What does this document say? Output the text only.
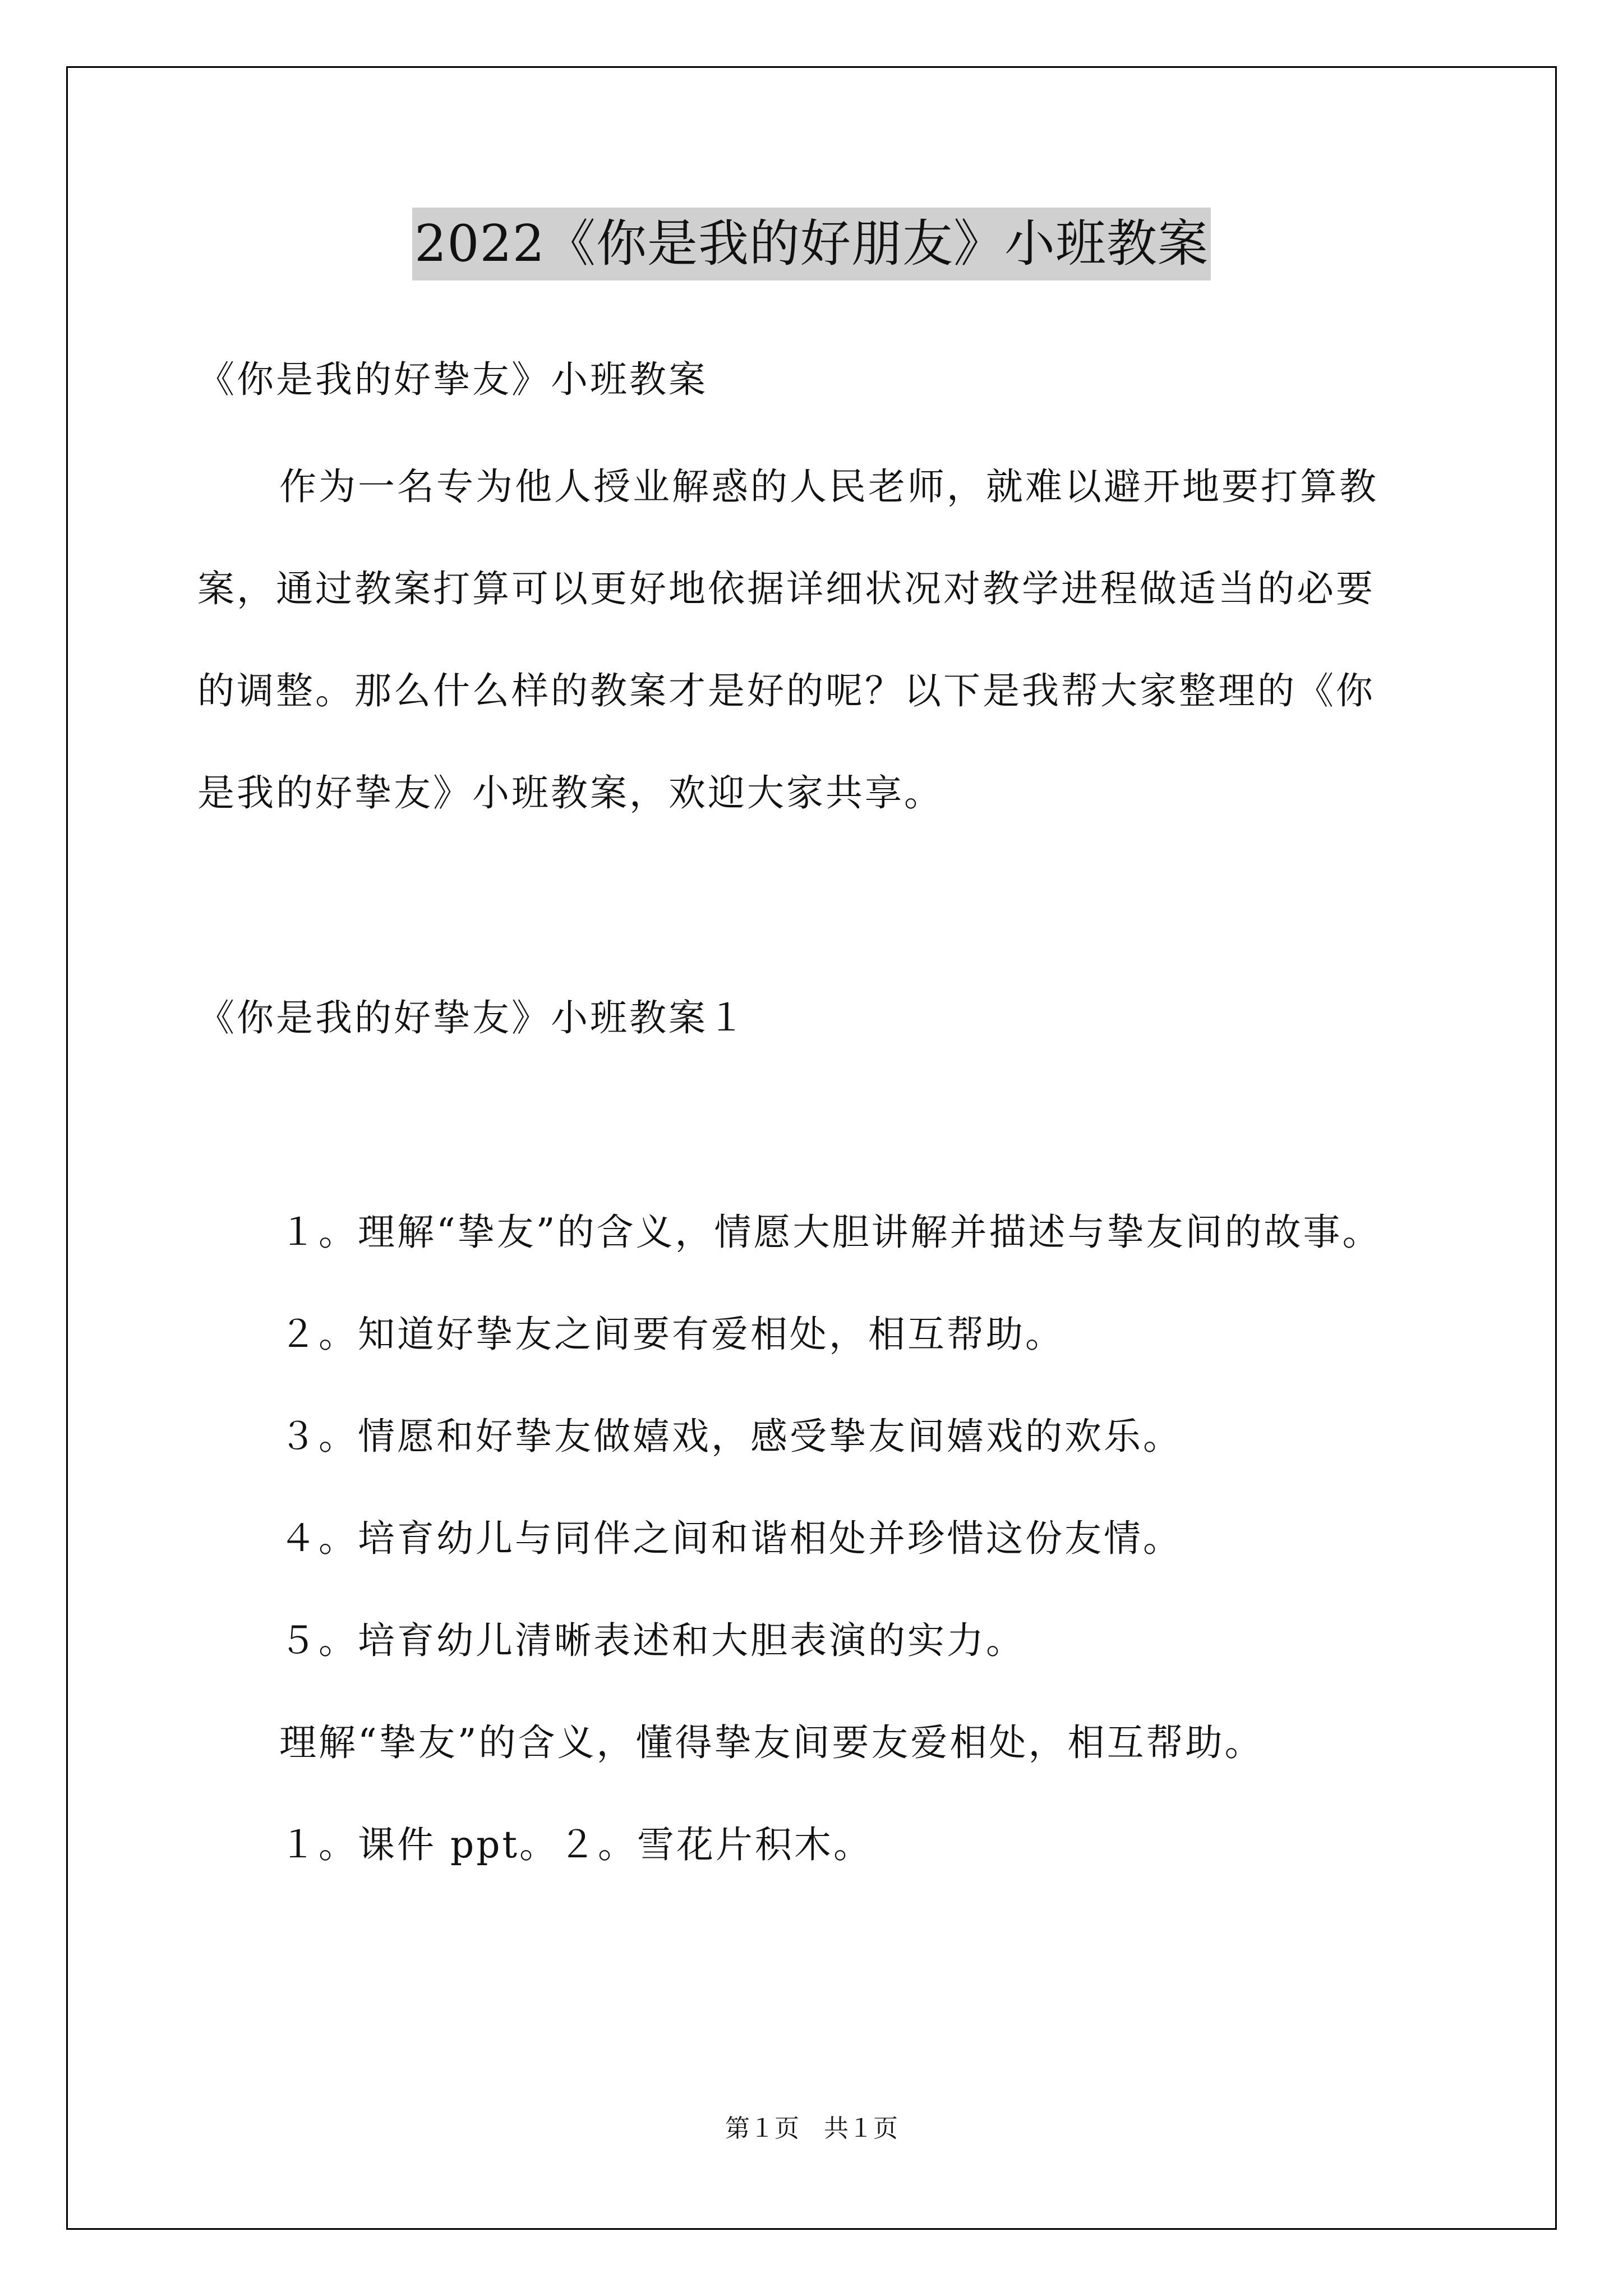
2022《你是我的好朋友》小班教案
《你是我的好挚友》小班教案
作为一名专为他人授业解惑的人民老师，就难以避开地要打算教
案，通过教案打算可以更好地依据详细状况对教学进程做适当的必要
的调整。那么什么样的教案才是好的呢？以下是我帮大家整理的《你
是我的好挚友》小班教案，欢迎大家共享。
《你是我的好挚友》小班教案１
１。理解“挚友”的含义，情愿大胆讲解并描述与挚友间的故事。
２。知道好挚友之间要有爱相处，相互帮助。
３。情愿和好挚友做嬉戏，感受挚友间嬉戏的欢乐。
４。培育幼儿与同伴之间和谐相处并珍惜这份友情。
５。培育幼儿清晰表述和大胆表演的实力。
理解“挚友”的含义，懂得挚友间要友爱相处，相互帮助。
１。课件 ppt。２。雪花片积木。
第１页　共１页
